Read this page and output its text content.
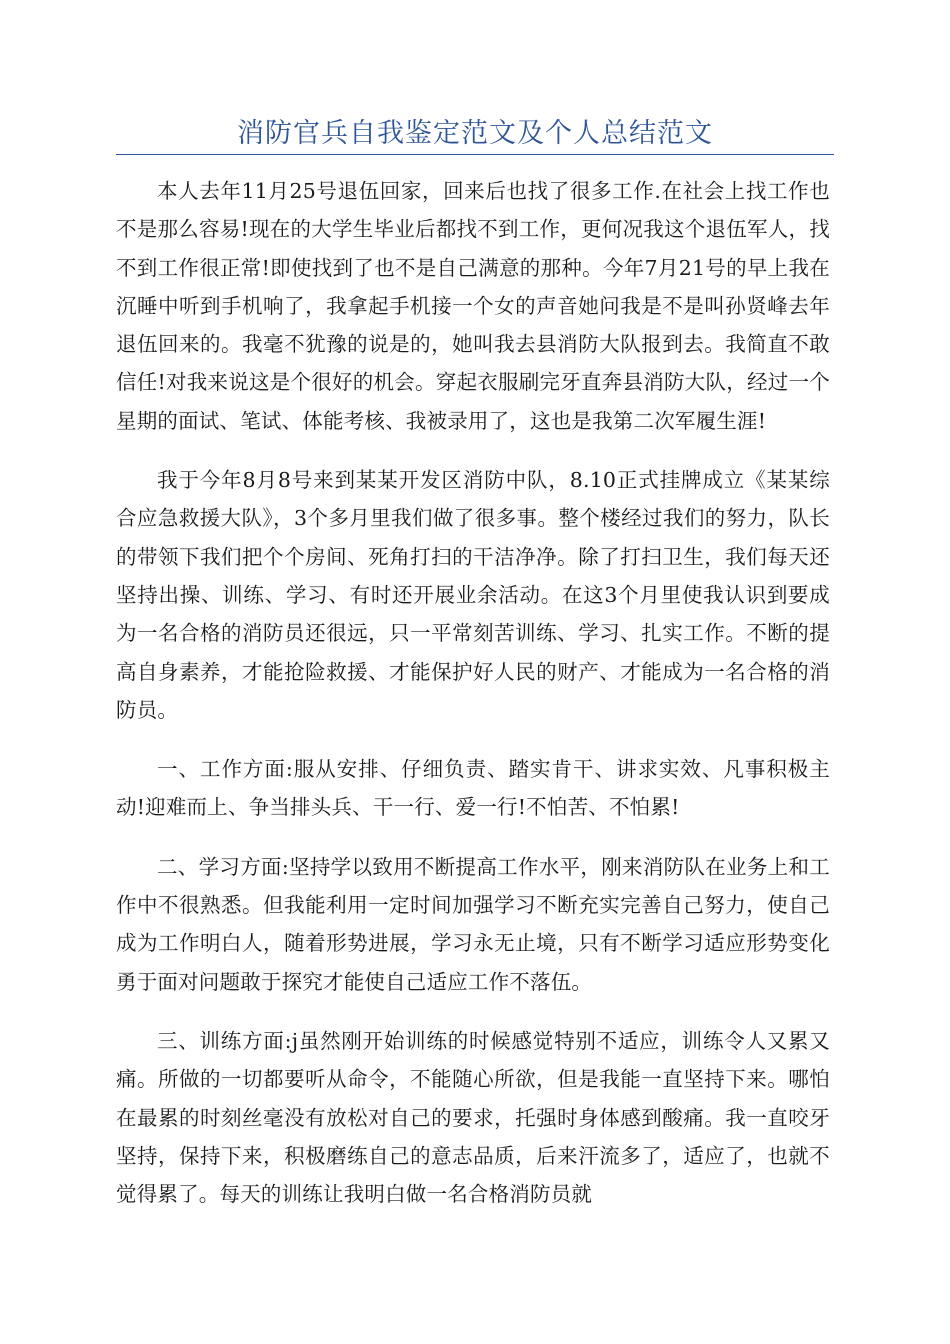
消防官兵自我鉴定范文及个人总结范文

本人去年11月25号退伍回家，回来后也找了很多工作.在社会上找工作也不是那么容易!现在的大学生毕业后都找不到工作，更何况我这个退伍军人，找不到工作很正常!即使找到了也不是自己满意的那种。今年7月21号的早上我在沉睡中听到手机响了，我拿起手机接一个女的声音她问我是不是叫孙贤峰去年退伍回来的。我毫不犹豫的说是的，她叫我去县消防大队报到去。我简直不敢信任!对我来说这是个很好的机会。穿起衣服刷完牙直奔县消防大队，经过一个星期的面试、笔试、体能考核、我被录用了，这也是我第二次军履生涯!

我于今年8月8号来到某某开发区消防中队，8.10正式挂牌成立《某某综合应急救援大队》，3个多月里我们做了很多事。整个楼经过我们的努力，队长的带领下我们把个个房间、死角打扫的干洁净净。除了打扫卫生，我们每天还坚持出操、训练、学习、有时还开展业余活动。在这3个月里使我认识到要成为一名合格的消防员还很远，只一平常刻苦训练、学习、扎实工作。不断的提高自身素养，才能抢险救援、才能保护好人民的财产、才能成为一名合格的消防员。

一、工作方面:服从安排、仔细负责、踏实肯干、讲求实效、凡事积极主动!迎难而上、争当排头兵、干一行、爱一行!不怕苦、不怕累!

二、学习方面:坚持学以致用不断提高工作水平，刚来消防队在业务上和工作中不很熟悉。但我能利用一定时间加强学习不断充实完善自己努力，使自己成为工作明白人，随着形势进展，学习永无止境，只有不断学习适应形势变化勇于面对问题敢于探究才能使自己适应工作不落伍。

三、训练方面:j虽然刚开始训练的时候感觉特别不适应，训练令人又累又痛。所做的一切都要听从命令，不能随心所欲，但是我能一直坚持下来。哪怕在最累的时刻丝毫没有放松对自己的要求，托强时身体感到酸痛。我一直咬牙坚持，保持下来，积极磨练自己的意志品质，后来汗流多了，适应了，也就不觉得累了。每天的训练让我明白做一名合格消防员就
